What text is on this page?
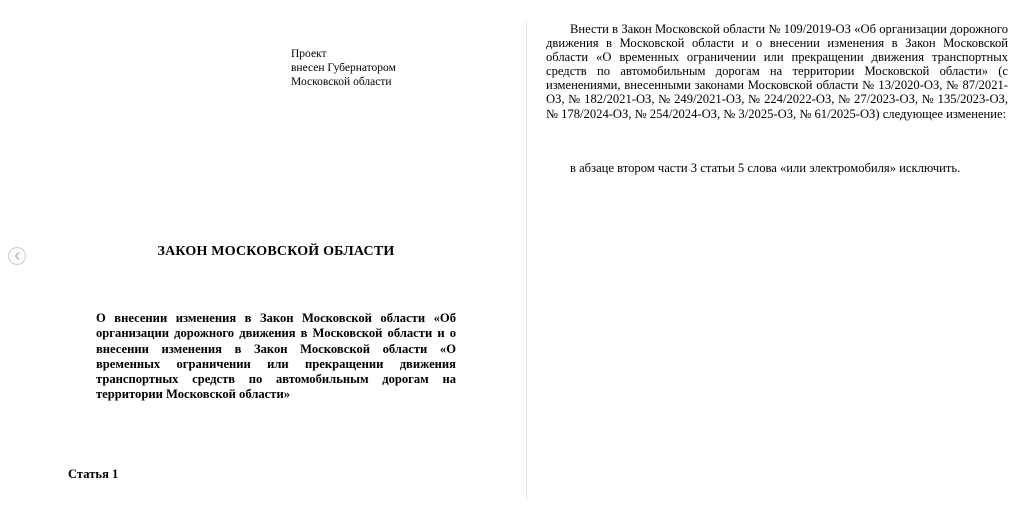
Проект
внесен Губернатором
Московской области
ЗАКОН МОСКОВСКОЙ ОБЛАСТИ
О внесении изменения в Закон Московской области «Об организации дорожного движения в Московской области и о внесении изменения в Закон Московской области «О временных ограничении или прекращении движения транспортных средств по автомобильным дорогам на территории Московской области»
Статья 1
Внести в Закон Московской области № 109/2019-ОЗ «Об организации дорожного движения в Московской области и о внесении изменения в Закон Московской области «О временных ограничении или прекращении движения транспортных средств по автомобильным дорогам на территории Московской области» (с изменениями, внесенными законами Московской области № 13/2020-ОЗ, № 87/2021-ОЗ, № 182/2021-ОЗ, № 249/2021-ОЗ, № 224/2022-ОЗ, № 27/2023-ОЗ, № 135/2023-ОЗ, № 178/2024-ОЗ, № 254/2024-ОЗ, № 3/2025-ОЗ, № 61/2025-ОЗ) следующее изменение:
в абзаце втором части 3 статьи 5 слова «или электромобиля» исключить.
